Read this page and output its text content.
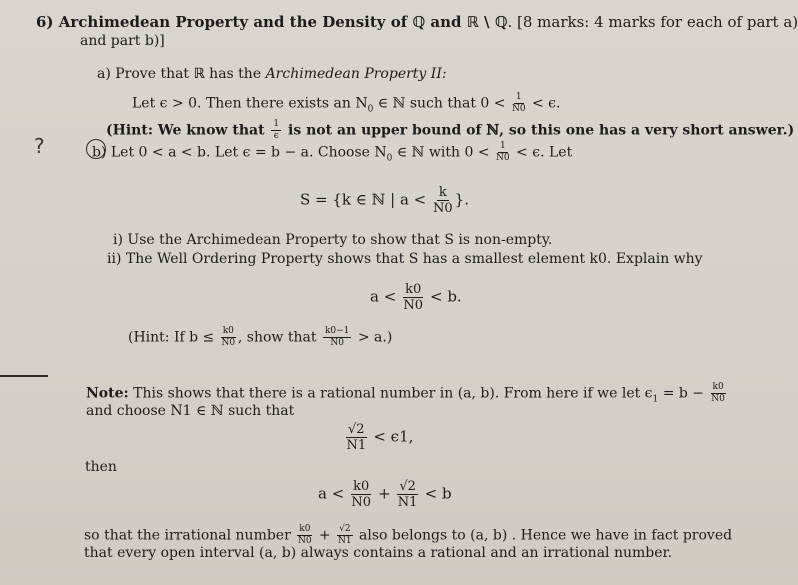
6) Archimedean Property and the Density of ℚ and ℝ \ ℚ. [8 marks: 4 marks for each of part a)
and part b)]
a) Prove that ℝ has the Archimedean Property II:
Let ϵ > 0. Then there exists an $N_0$ ∈ ℕ such that $0 < \frac{1}{N0} < \epsilon$.
(Hint: We know that $\frac{1}{\epsilon}$ is not an upper bound of ℕ, so this one has a very short answer.)
?	b) Let 0 < a < b. Let ϵ = b − a. Choose $N_0$ ∈ ℕ with $0 < \frac{1}{N0} < \epsilon$. Let
S = {k ∈ ℕ | $a < \frac{k}{N0}$ }.
i) Use the Archimedean Property to show that S is non-empty.
ii) The Well Ordering Property shows that S has a smallest element k0. Explain why
$a < \frac{k0}{N0} < b$.
(Hint: If $b \le \frac{k0}{N0}$ , show that $\frac{k0-1}{N0} > a$.)
Note: This shows that there is a rational number in (a, b). From here if we let $\epsilon_1 = b - \frac{k0}{N0}$
and choose N1 ∈ ℕ such that
$\frac{√2}{N1} < \epsilon 1$,
then
$a < \frac{k0}{N0} + \frac{√2}{N1} < b$
so that the irrational number $\frac{k0}{N0} + \frac{√2}{N1}$ also belongs to (a, b) . Hence we have in fact proved
that every open interval (a, b) always contains a rational and an irrational number.
